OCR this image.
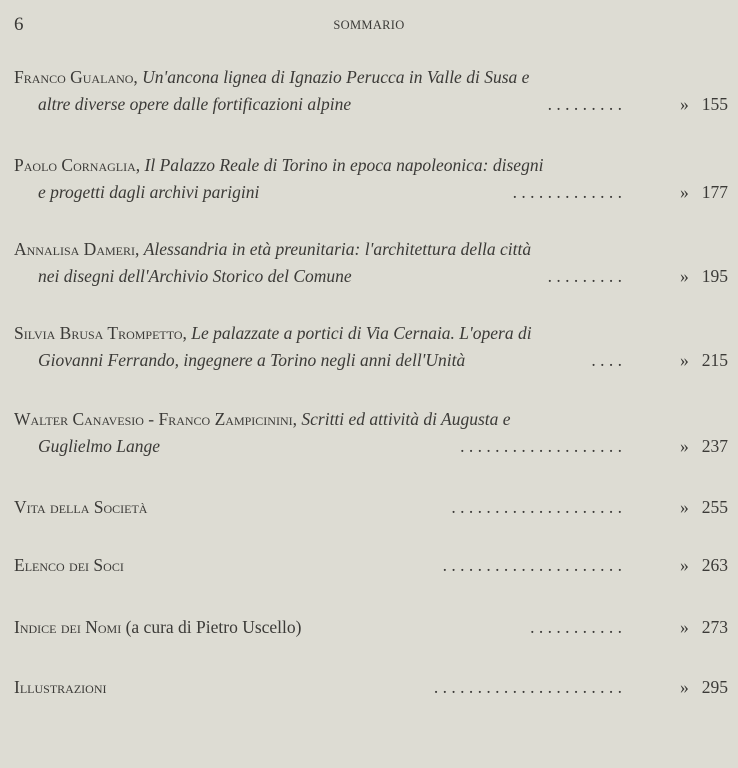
6	SOMMARIO
Franco Gualano, Un'ancona lignea di Ignazio Perucca in Valle di Susa e
altre diverse opere dalle fortificazioni alpine	. . . . . . . . .	» 155
Paolo Cornaglia, Il Palazzo Reale di Torino in epoca napoleonica: disegni
e progetti dagli archivi parigini	. . . . . . . . . . . . .	» 177
Annalisa Dameri, Alessandria in età preunitaria: l'architettura della città
nei disegni dell'Archivio Storico del Comune	. . . . . . . . .	» 195
Silvia Brusa Trompetto, Le palazzate a portici di Via Cernaia. L'opera di
Giovanni Ferrando, ingegnere a Torino negli anni dell'Unità	. . . .	» 215
Walter Canavesio - Franco Zampicinini, Scritti ed attività di Augusta e
Guglielmo Lange	. . . . . . . . . . . . . . . . . . .	» 237
Vita della Società	. . . . . . . . . . . . . . . . . . . .	» 255
Elenco dei Soci	. . . . . . . . . . . . . . . . . . . . .	» 263
Indice dei Nomi (a cura di Pietro Uscello)	. . . . . . . . . . .	» 273
Illustrazioni	. . . . . . . . . . . . . . . . . . . . . .	» 295
